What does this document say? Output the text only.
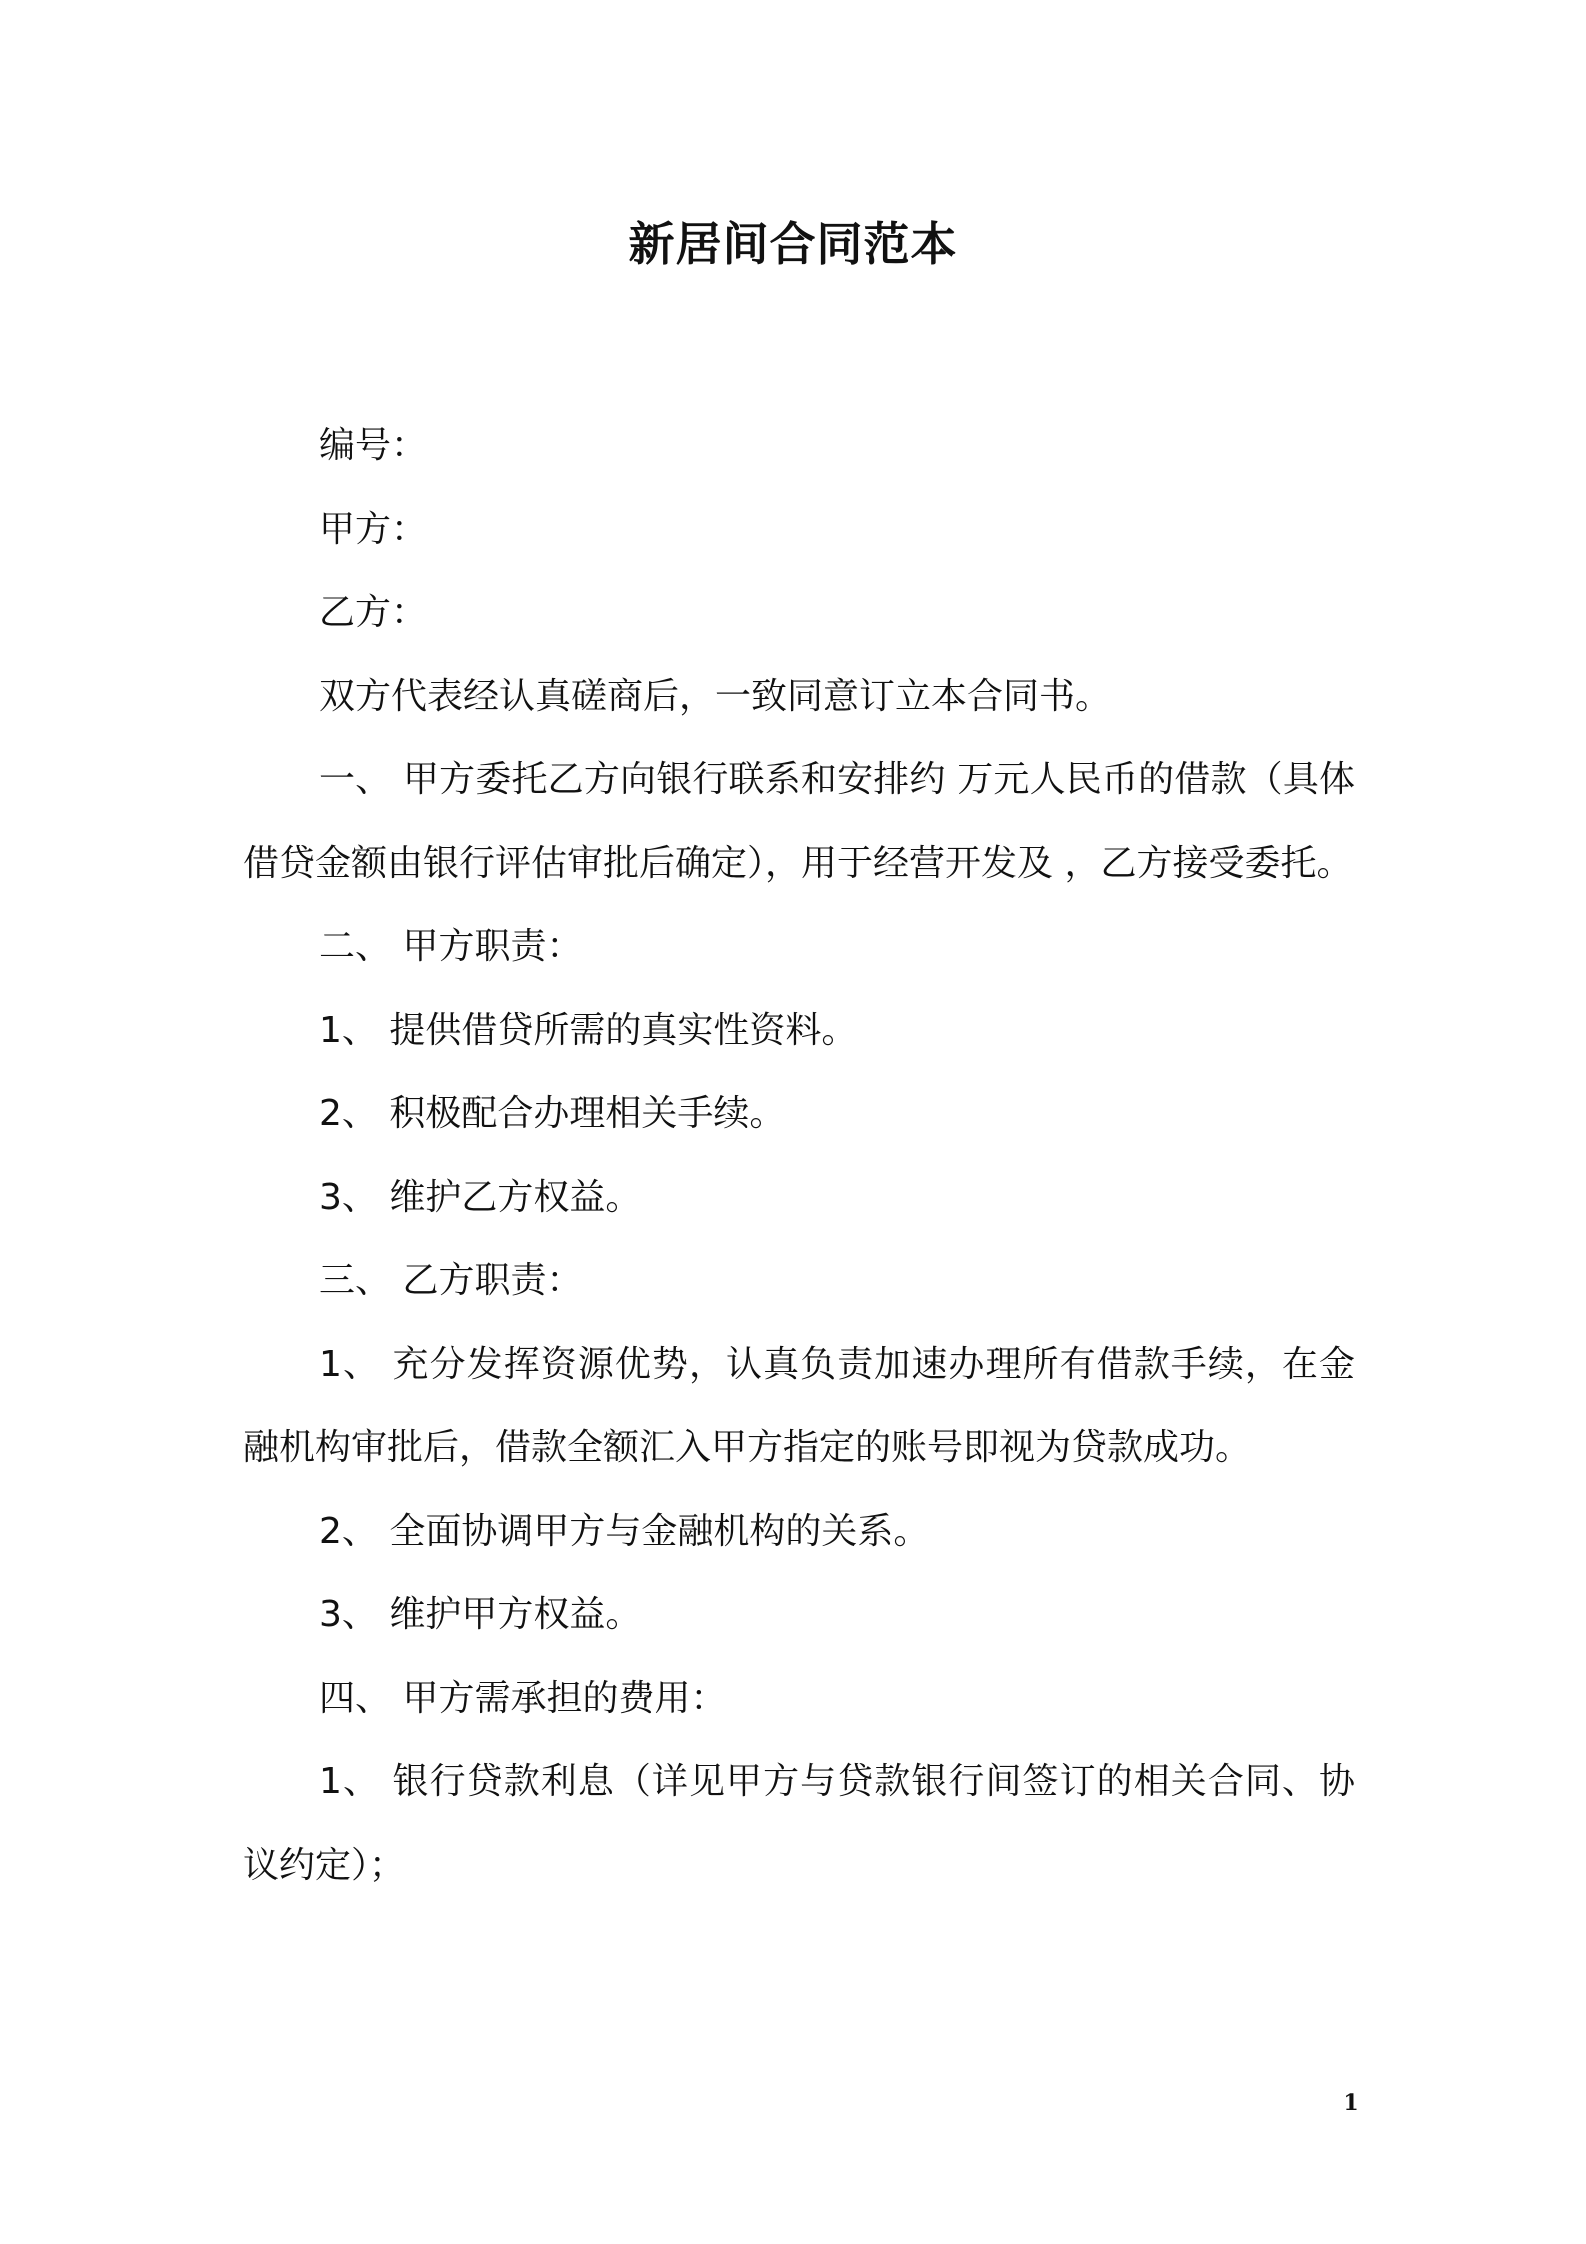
新居间合同范本

编号：

甲方：

乙方：

双方代表经认真磋商后，一致同意订立本合同书。

一、 甲方委托乙方向银行联系和安排约 万元人民币的借款（具体借贷金额由银行评估审批后确定），用于经营开发及 ，乙方接受委托。

二、 甲方职责：

1、 提供借贷所需的真实性资料。

2、 积极配合办理相关手续。

3、 维护乙方权益。

三、 乙方职责：

1、 充分发挥资源优势，认真负责加速办理所有借款手续，在金融机构审批后，借款全额汇入甲方指定的账号即视为贷款成功。

2、 全面协调甲方与金融机构的关系。

3、 维护甲方权益。

四、 甲方需承担的费用：

1、 银行贷款利息（详见甲方与贷款银行间签订的相关合同、协议约定）；

1
